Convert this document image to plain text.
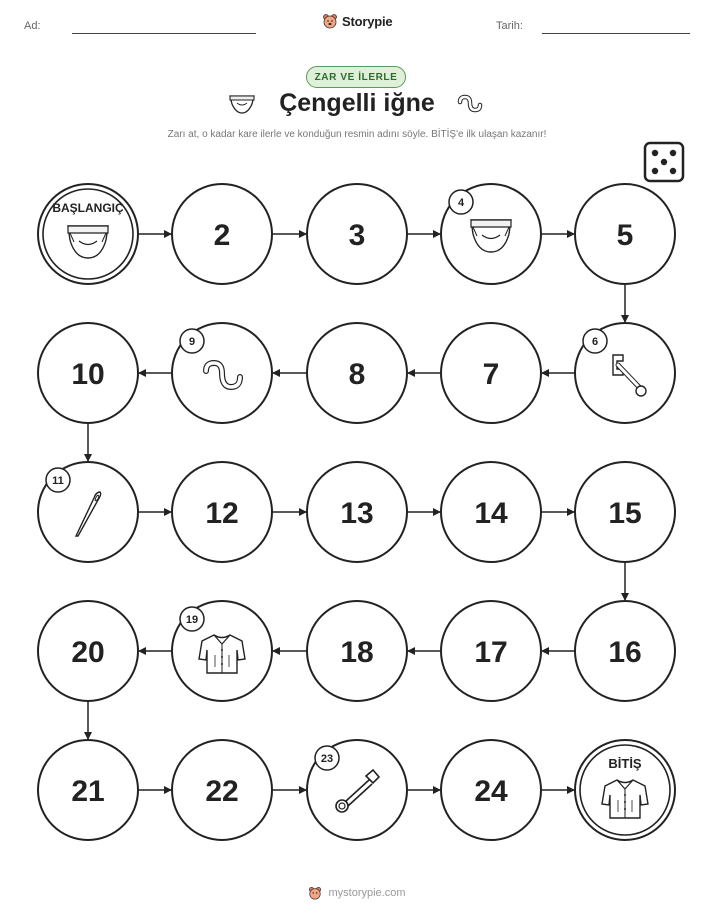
Ad:	Storypie	Tarih:
ZAR VE İLERLE
Çengelli iğne
Zarı at, o kadar kare ilerle ve konduğun resmin adını söyle. BİTİŞ'e ilk ulaşan kazanır!
BAŞLANGIÇ
2	3
4
5
6
7
8
9
10
11
12	13	14	15
16
17
18
19
20
21	22
23
24
BİTİŞ
mystorypie.com
